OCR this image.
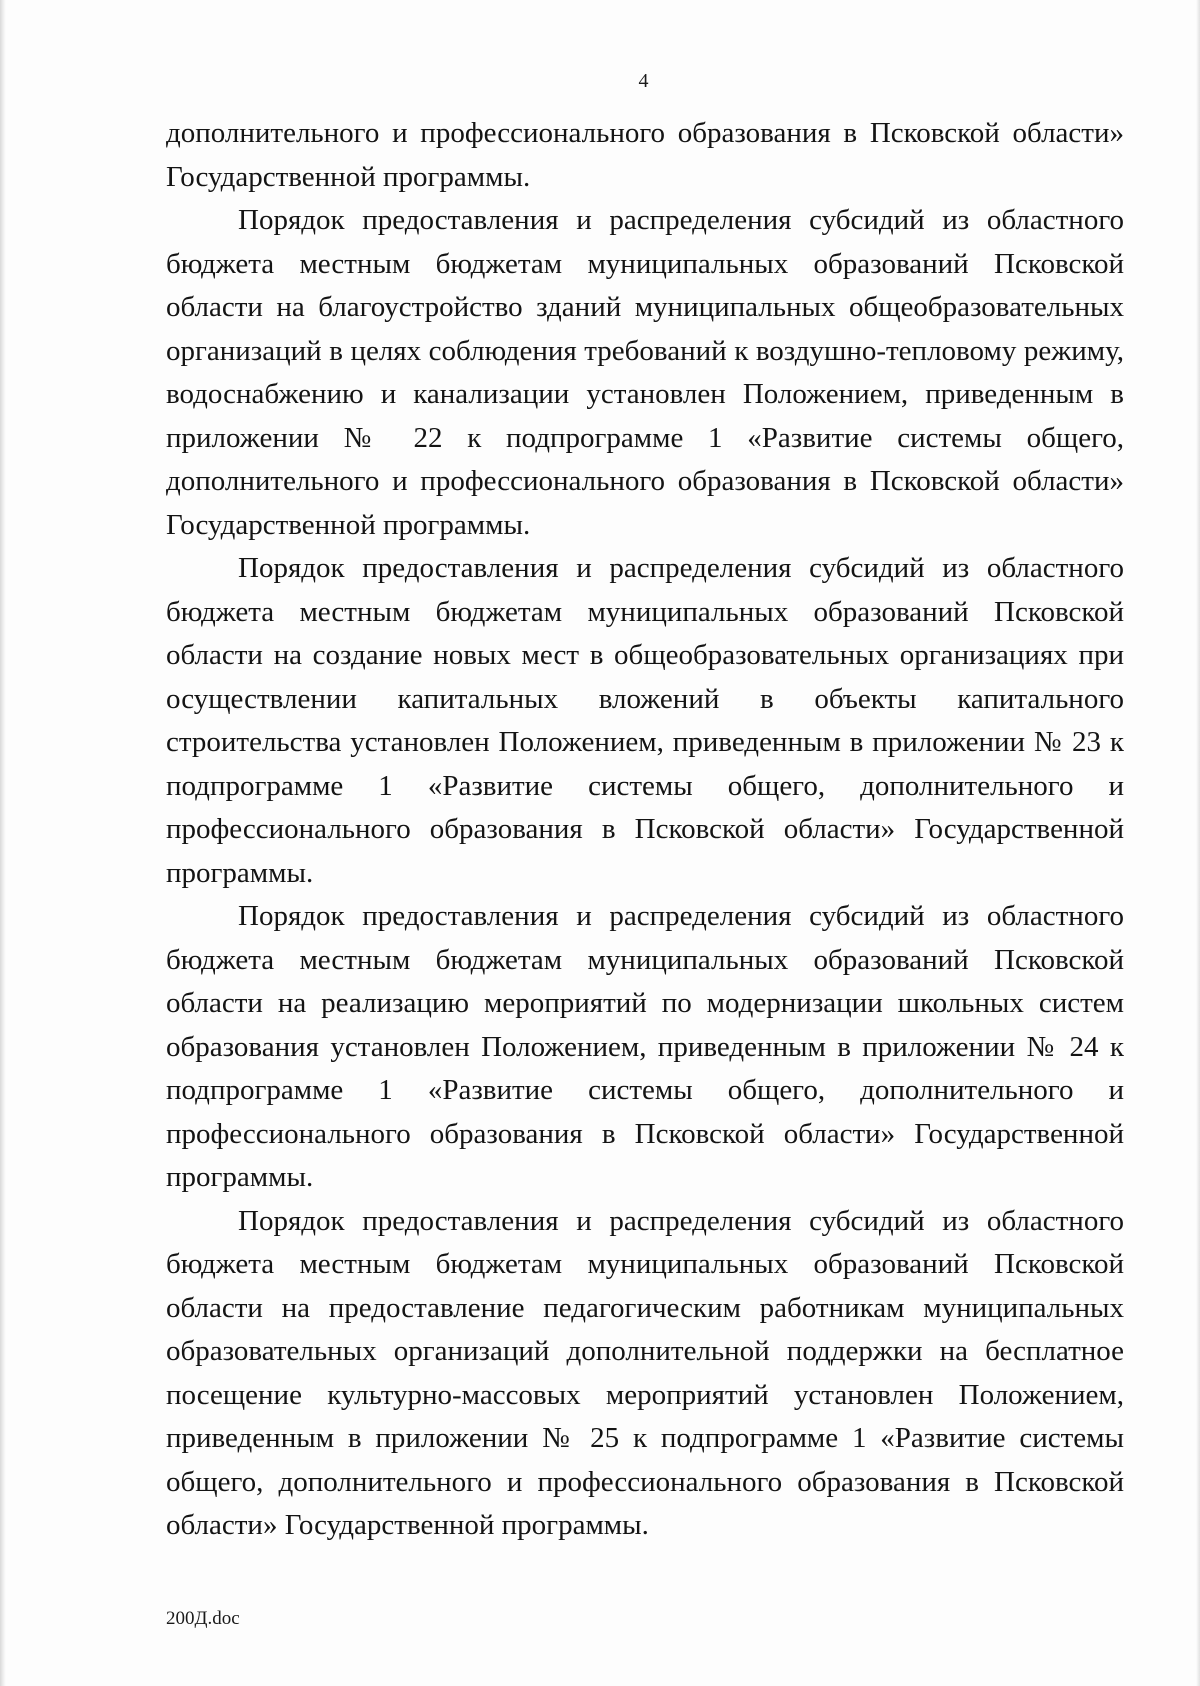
4

дополнительного и профессионального образования в Псковской области» Государственной программы.

Порядок предоставления и распределения субсидий из областного бюджета местным бюджетам муниципальных образований Псковской области на благоустройство зданий муниципальных общеобразовательных организаций в целях соблюдения требований к воздушно-тепловому режиму, водоснабжению и канализации установлен Положением, приведенным в приложении № 22 к подпрограмме 1 «Развитие системы общего, дополнительного и профессионального образования в Псковской области» Государственной программы.

Порядок предоставления и распределения субсидий из областного бюджета местным бюджетам муниципальных образований Псковской области на создание новых мест в общеобразовательных организациях при осуществлении капитальных вложений в объекты капитального строительства установлен Положением, приведенным в приложении № 23 к подпрограмме 1 «Развитие системы общего, дополнительного и профессионального образования в Псковской области» Государственной программы.

Порядок предоставления и распределения субсидий из областного бюджета местным бюджетам муниципальных образований Псковской области на реализацию мероприятий по модернизации школьных систем образования установлен Положением, приведенным в приложении № 24 к подпрограмме 1 «Развитие системы общего, дополнительного и профессионального образования в Псковской области» Государственной программы.

Порядок предоставления и распределения субсидий из областного бюджета местным бюджетам муниципальных образований Псковской области на предоставление педагогическим работникам муниципальных образовательных организаций дополнительной поддержки на бесплатное посещение культурно-массовых мероприятий установлен Положением, приведенным в приложении № 25 к подпрограмме 1 «Развитие системы общего, дополнительного и профессионального образования в Псковской области» Государственной программы.

200Д.doc
